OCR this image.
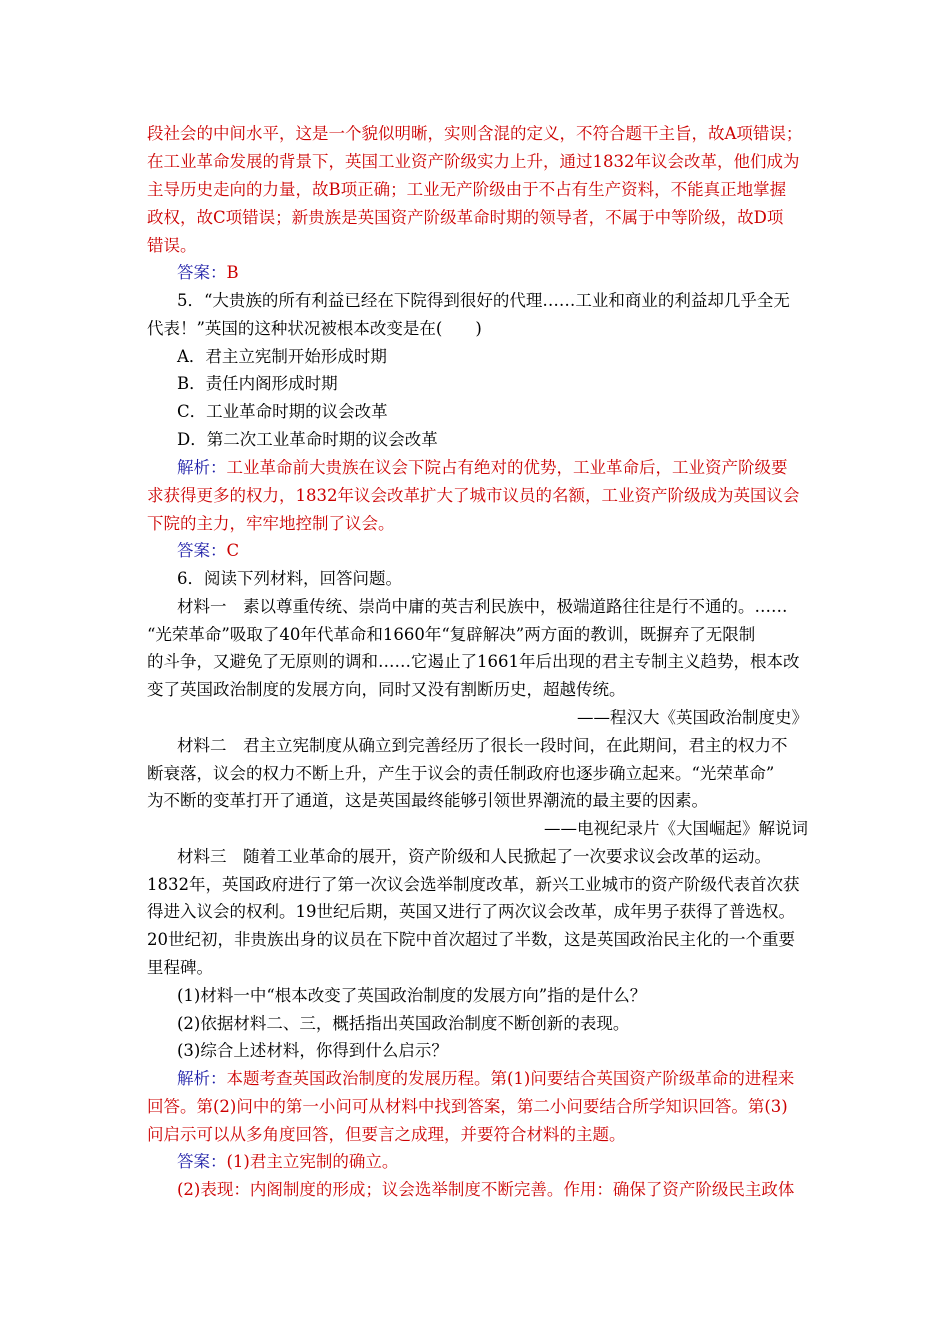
段社会的中间水平，这是一个貌似明晰，实则含混的定义，不符合题干主旨，故A项错误；
在工业革命发展的背景下，英国工业资产阶级实力上升，通过1832年议会改革，他们成为
主导历史走向的力量，故B项正确；工业无产阶级由于不占有生产资料，不能真正地掌握
政权，故C项错误；新贵族是英国资产阶级革命时期的领导者，不属于中等阶级，故D项
错误。
答案：B
5．“大贵族的所有利益已经在下院得到很好的代理……工业和商业的利益却几乎全无
代表！”英国的这种状况被根本改变是在(　　)
A．君主立宪制开始形成时期
B．责任内阁形成时期
C．工业革命时期的议会改革
D．第二次工业革命时期的议会改革
解析：工业革命前大贵族在议会下院占有绝对的优势，工业革命后，工业资产阶级要
求获得更多的权力，1832年议会改革扩大了城市议员的名额，工业资产阶级成为英国议会
下院的主力，牢牢地控制了议会。
答案：C
6．阅读下列材料，回答问题。
材料一　素以尊重传统、崇尚中庸的英吉利民族中，极端道路往往是行不通的。……
“光荣革命”吸取了40年代革命和1660年“复辟解决”两方面的教训，既摒弃了无限制
的斗争，又避免了无原则的调和……它遏止了1661年后出现的君主专制主义趋势，根本改
变了英国政治制度的发展方向，同时又没有割断历史，超越传统。
——程汉大《英国政治制度史》
材料二　君主立宪制度从确立到完善经历了很长一段时间，在此期间，君主的权力不
断衰落，议会的权力不断上升，产生于议会的责任制政府也逐步确立起来。“光荣革命”
为不断的变革打开了通道，这是英国最终能够引领世界潮流的最主要的因素。
——电视纪录片《大国崛起》解说词
材料三　随着工业革命的展开，资产阶级和人民掀起了一次要求议会改革的运动。
1832年，英国政府进行了第一次议会选举制度改革，新兴工业城市的资产阶级代表首次获
得进入议会的权利。19世纪后期，英国又进行了两次议会改革，成年男子获得了普选权。
20世纪初，非贵族出身的议员在下院中首次超过了半数，这是英国政治民主化的一个重要
里程碑。
(1)材料一中“根本改变了英国政治制度的发展方向”指的是什么？
(2)依据材料二、三，概括指出英国政治制度不断创新的表现。
(3)综合上述材料，你得到什么启示？
解析：本题考查英国政治制度的发展历程。第(1)问要结合英国资产阶级革命的进程来
回答。第(2)问中的第一小问可从材料中找到答案，第二小问要结合所学知识回答。第(3)
问启示可以从多角度回答，但要言之成理，并要符合材料的主题。
答案：(1)君主立宪制的确立。
(2)表现：内阁制度的形成；议会选举制度不断完善。作用：确保了资产阶级民主政体
